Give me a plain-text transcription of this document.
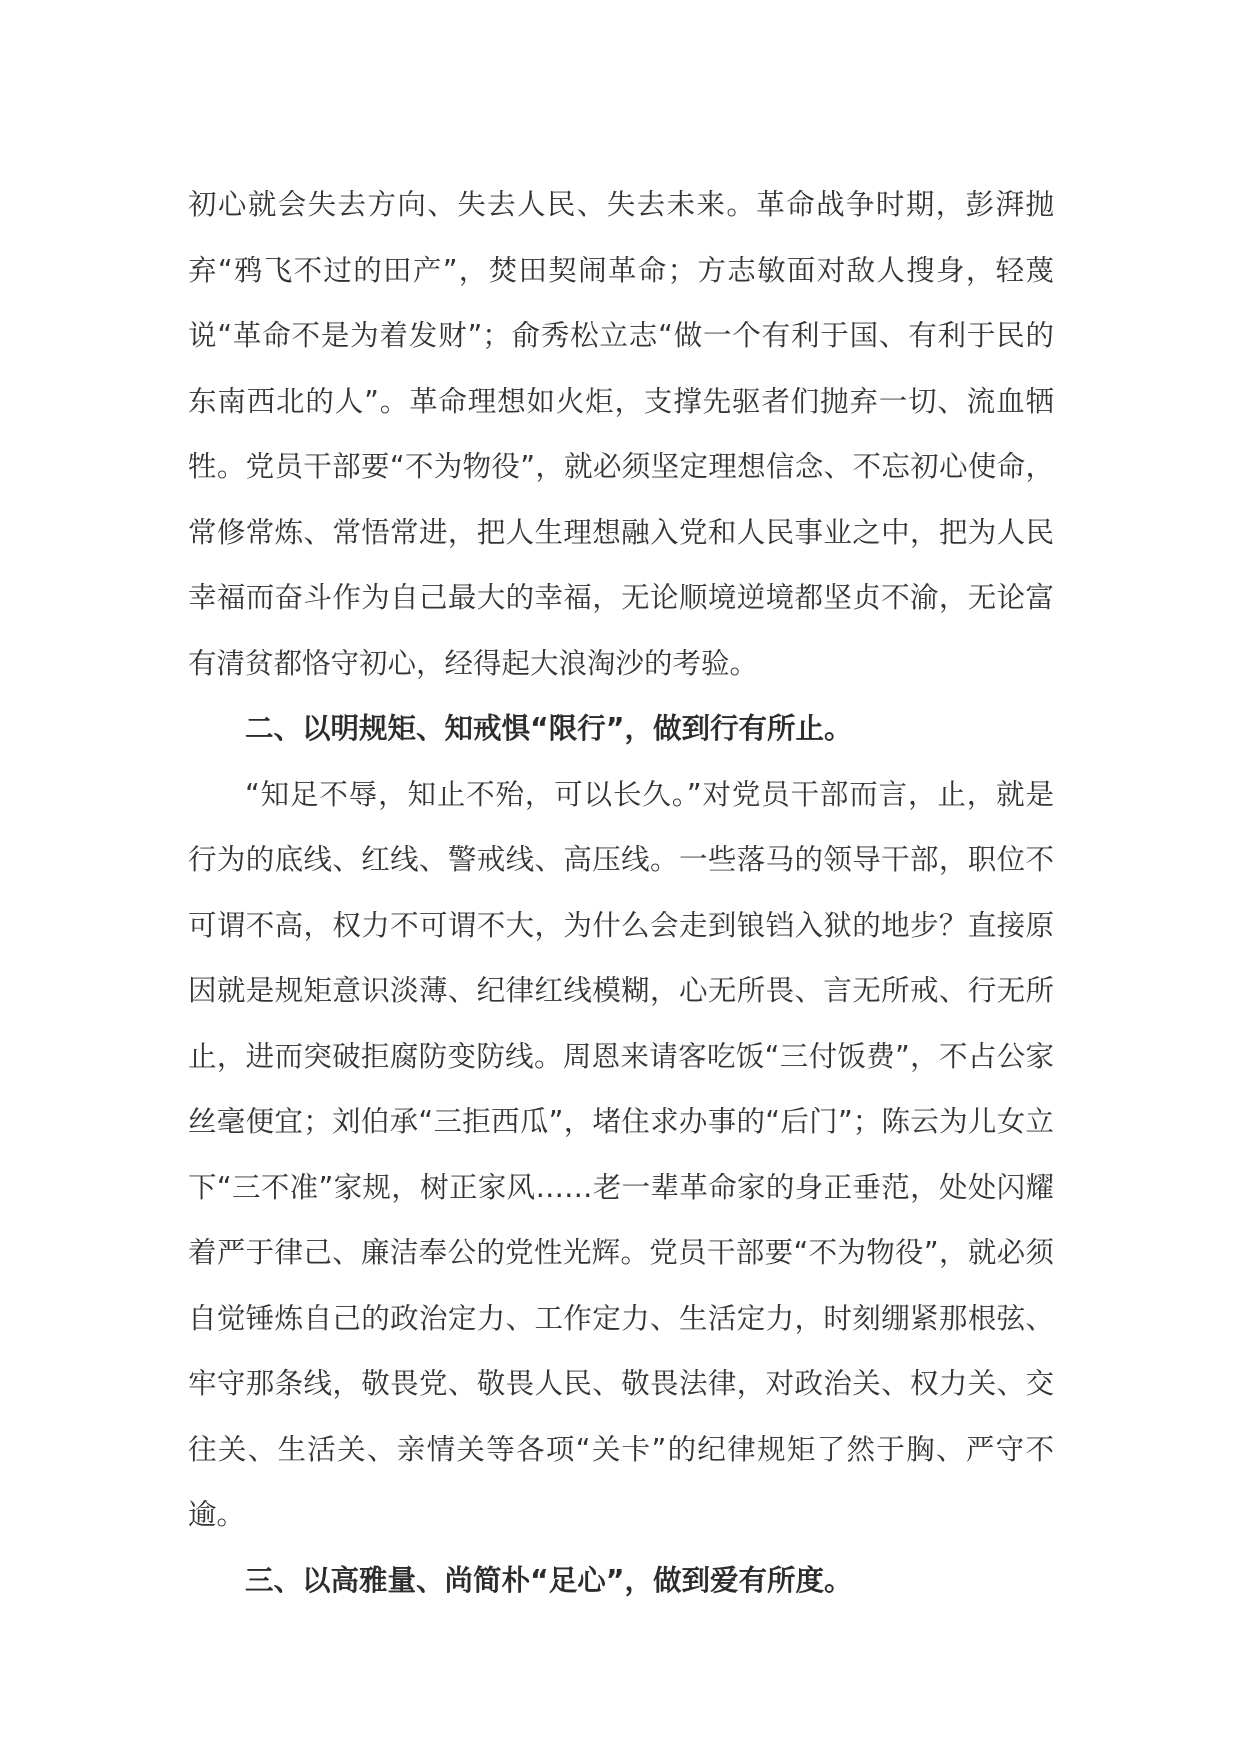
初心就会失去方向、失去人民、失去未来。革命战争时期，彭湃抛弃“鸦飞不过的田产”，焚田契闹革命；方志敏面对敌人搜身，轻蔑说“革命不是为着发财”；俞秀松立志“做一个有利于国、有利于民的东南西北的人”。革命理想如火炬，支撑先驱者们抛弃一切、流血牺牲。党员干部要“不为物役”，就必须坚定理想信念、不忘初心使命，常修常炼、常悟常进，把人生理想融入党和人民事业之中，把为人民幸福而奋斗作为自己最大的幸福，无论顺境逆境都坚贞不渝，无论富有清贫都恪守初心，经得起大浪淘沙的考验。

二、以明规矩、知戒惧“限行”，做到行有所止。

“知足不辱，知止不殆，可以长久。”对党员干部而言，止，就是行为的底线、红线、警戒线、高压线。一些落马的领导干部，职位不可谓不高，权力不可谓不大，为什么会走到锒铛入狱的地步？直接原因就是规矩意识淡薄、纪律红线模糊，心无所畏、言无所戒、行无所止，进而突破拒腐防变防线。周恩来请客吃饭“三付饭费”，不占公家丝毫便宜；刘伯承“三拒西瓜”，堵住求办事的“后门”；陈云为儿女立下“三不准”家规，树正家风……老一辈革命家的身正垂范，处处闪耀着严于律己、廉洁奉公的党性光辉。党员干部要“不为物役”，就必须自觉锤炼自己的政治定力、工作定力、生活定力，时刻绷紧那根弦、牢守那条线，敬畏党、敬畏人民、敬畏法律，对政治关、权力关、交往关、生活关、亲情关等各项“关卡”的纪律规矩了然于胸、严守不逾。

三、以高雅量、尚简朴“足心”，做到爱有所度。
